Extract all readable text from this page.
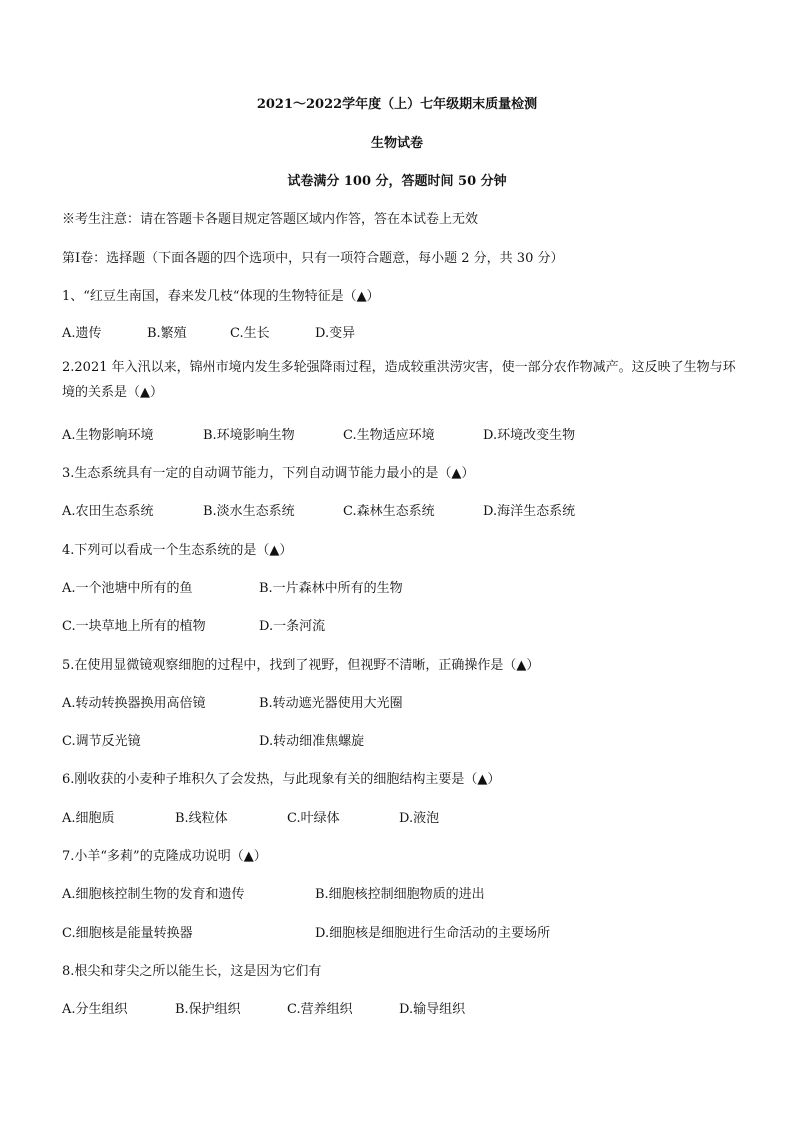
2021～2022学年度（上）七年级期末质量检测
生物试卷
试卷满分 100 分，答题时间 50 分钟
※考生注意：请在答题卡各题目规定答题区域内作答，答在本试卷上无效
第Ⅰ卷：选择题（下面各题的四个选项中，只有一项符合题意，每小题 2 分，共 30 分）
1、“红豆生南国，春来发几枝“体现的生物特征是（▲）
A.遗传	B.繁殖	C.生长	D.变异
2.2021 年入汛以来，锦州市境内发生多轮强降雨过程，造成较重洪涝灾害，使一部分农作物减产。这反映了生物与环境的关系是（▲）
A.生物影响环境	B.环境影响生物	C.生物适应环境	D.环境改变生物
3.生态系统具有一定的自动调节能力，下列自动调节能力最小的是（▲）
A.农田生态系统	B.淡水生态系统	C.森林生态系统	D.海洋生态系统
4.下列可以看成一个生态系统的是（▲）
A.一个池塘中所有的鱼	B.一片森林中所有的生物
C.一块草地上所有的植物	D.一条河流
5.在使用显微镜观察细胞的过程中，找到了视野，但视野不清晰，正确操作是（▲）
A.转动转换器换用高倍镜	B.转动遮光器使用大光圈
C.调节反光镜	D.转动细准焦螺旋
6.刚收获的小麦种子堆积久了会发热，与此现象有关的细胞结构主要是（▲）
A.细胞质	B.线粒体	C.叶绿体	D.液泡
7.小羊“多莉”的克隆成功说明（▲）
A.细胞核控制生物的发育和遗传	B.细胞核控制细胞物质的进出
C.细胞核是能量转换器	D.细胞核是细胞进行生命活动的主要场所
8.根尖和芽尖之所以能生长，这是因为它们有
A.分生组织	B.保护组织	C.营养组织	D.输导组织
